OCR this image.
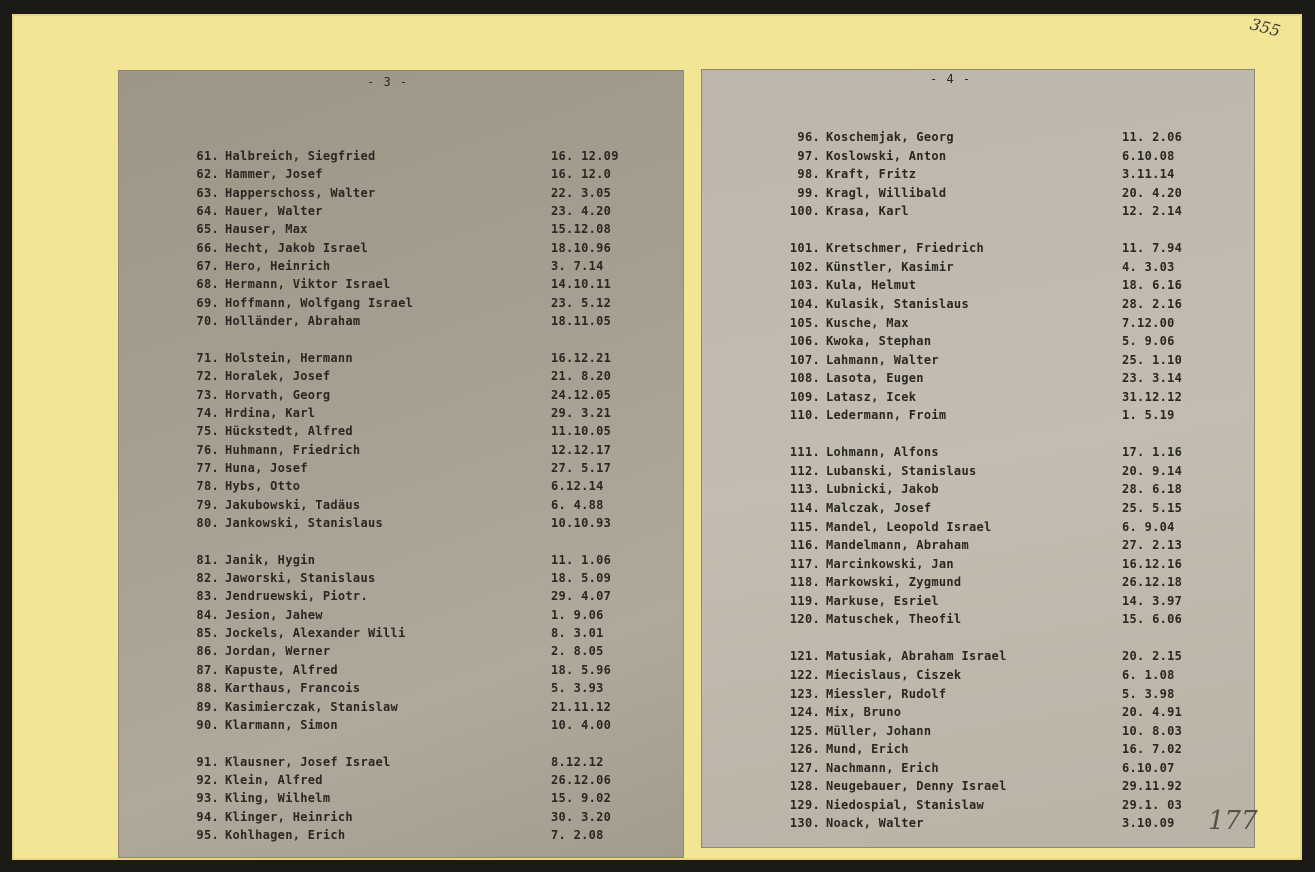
355
- 3 -
61. Halbreich, Siegfried	16. 12.09
62. Hammer, Josef	16. 12.0
63. Happerschoss, Walter	22. 3.05
64. Hauer, Walter	23. 4.20
65. Hauser, Max	15.12.08
66. Hecht, Jakob Israel	18.10.96
67. Hero, Heinrich	3. 7.14
68. Hermann, Viktor Israel	14.10.11
69. Hoffmann, Wolfgang Israel	23. 5.12
70. Holländer, Abraham	18.11.05
71. Holstein, Hermann	16.12.21
72. Horalek, Josef	21. 8.20
73. Horvath, Georg	24.12.05
74. Hrdina, Karl	29. 3.21
75. Hückstedt, Alfred	11.10.05
76. Huhmann, Friedrich	12.12.17
77. Huna, Josef	27. 5.17
78. Hybs, Otto	6.12.14
79. Jakubowski, Tadäus	6. 4.88
80. Jankowski, Stanislaus	10.10.93
81. Janik, Hygin	11. 1.06
82. Jaworski, Stanislaus	18. 5.09
83. Jendruewski, Piotr.	29. 4.07
84. Jesion, Jahew	1. 9.06
85. Jockels, Alexander Willi	8. 3.01
86. Jordan, Werner	2. 8.05
87. Kapuste, Alfred	18. 5.96
88. Karthaus, Francois	5. 3.93
89. Kasimierczak, Stanislaw	21.11.12
90. Klarmann, Simon	10. 4.00
91. Klausner, Josef Israel	8.12.12
92. Klein, Alfred	26.12.06
93. Kling, Wilhelm	15. 9.02
94. Klinger, Heinrich	30. 3.20
95. Kohlhagen, Erich	7. 2.08
- 4 -
96. Koschemjak, Georg	11. 2.06
97. Koslowski, Anton	6.10.08
98. Kraft, Fritz	3.11.14
99. Kragl, Willibald	20. 4.20
100. Krasa, Karl	12. 2.14
101. Kretschmer, Friedrich	11. 7.94
102. Künstler, Kasimir	4. 3.03
103. Kula, Helmut	18. 6.16
104. Kulasik, Stanislaus	28. 2.16
105. Kusche, Max	7.12.00
106. Kwoka, Stephan	5. 9.06
107. Lahmann, Walter	25. 1.10
108. Lasota, Eugen	23. 3.14
109. Latasz, Icek	31.12.12
110. Ledermann, Froim	1. 5.19
111. Lohmann, Alfons	17. 1.16
112. Lubanski, Stanislaus	20. 9.14
113. Lubnicki, Jakob	28. 6.18
114. Malczak, Josef	25. 5.15
115. Mandel, Leopold Israel	6. 9.04
116. Mandelmann, Abraham	27. 2.13
117. Marcinkowski, Jan	16.12.16
118. Markowski, Zygmund	26.12.18
119. Markuse, Esriel	14. 3.97
120. Matuschek, Theofil	15. 6.06
121. Matusiak, Abraham Israel	20. 2.15
122. Miecislaus, Ciszek	6. 1.08
123. Miessler, Rudolf	5. 3.98
124. Mix, Bruno	20. 4.91
125. Müller, Johann	10. 8.03
126. Mund, Erich	16. 7.02
127. Nachmann, Erich	6.10.07
128. Neugebauer, Denny Israel	29.11.92
129. Niedospial, Stanislaw	29.1. 03
130. Noack, Walter	3.10.09 177
